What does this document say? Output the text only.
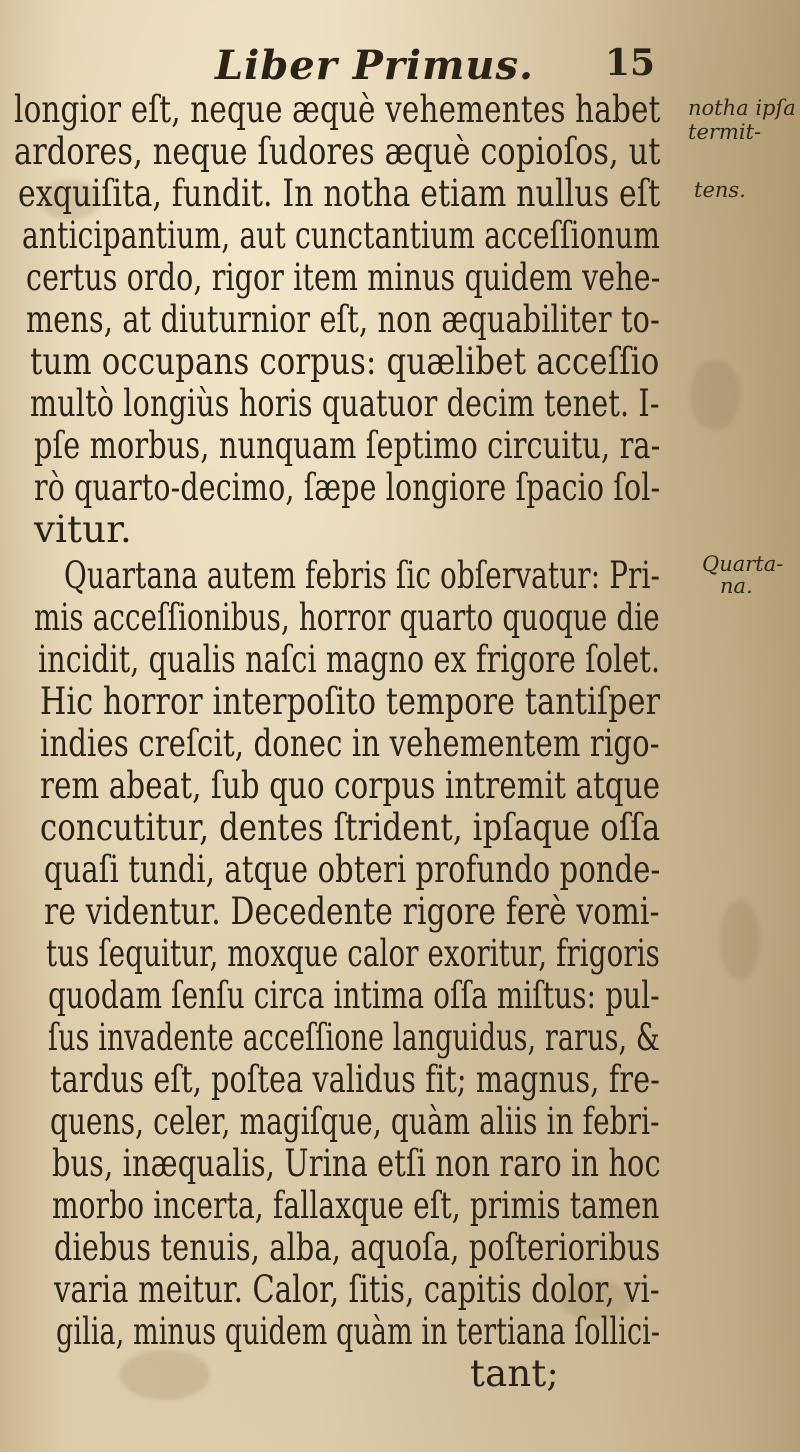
Liber Primus. 15
longior eſt, neque æquè vehementes habet
ardores, neque ſudores æquè copioſos, ut
exquiſita, fundit. In notha etiam nullus eſt
anticipantium, aut cunctantium acceſſionum
certus ordo, rigor item minus quidem vehe-
mens, at diuturnior eſt, non æquabiliter to-
tum occupans corpus: quælibet acceſſio
multò longiùs horis quatuor decim tenet. I-
pſe morbus, nunquam ſeptimo circuitu, ra-
rò quarto-decimo, ſæpe longiore ſpacio ſol-
vitur.
Quartana autem febris ſic obſervatur: Pri-
mis acceſſionibus, horror quarto quoque die
incidit, qualis naſci magno ex frigore ſolet.
Hic horror interpoſito tempore tantiſper
indies creſcit, donec in vehementem rigo-
rem abeat, ſub quo corpus intremit atque
concutitur, dentes ſtrident, ipſaque oſſa
quaſi tundi, atque obteri profundo ponde-
re videntur. Decedente rigore ferè vomi-
tus ſequitur, moxque calor exoritur, frigoris
quodam ſenſu circa intima oſſa miſtus: pul-
ſus invadente acceſſione languidus, rarus, &
tardus eſt, poſtea validus fit; magnus, fre-
quens, celer, magiſque, quàm aliis in febri-
bus, inæqualis, Urina etſi non raro in hoc
morbo incerta, fallaxque eſt, primis tamen
diebus tenuis, alba, aquoſa, poſterioribus
varia meitur. Calor, ſitis, capitis dolor, vi-
gilia, minus quidem quàm in tertiana ſollici-
tant;
notha ipſa
termit-
tens.
Quarta-
na.
